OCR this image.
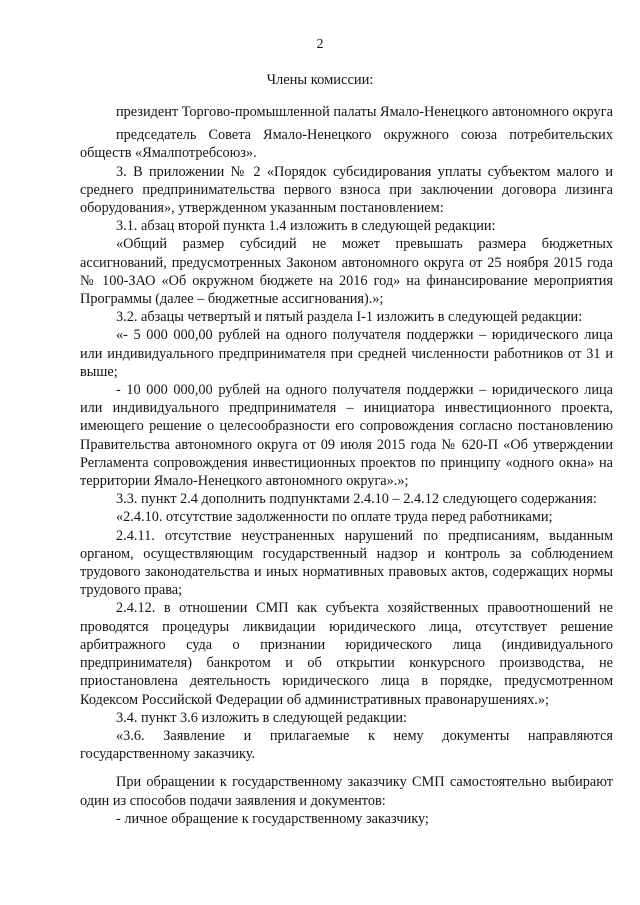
2
Члены комиссии:

президент Торгово-промышленной палаты Ямало-Ненецкого автономного округа

председатель Совета Ямало-Ненецкого окружного союза потребительских обществ «Ямалпотребсоюз».

3. В приложении № 2 «Порядок субсидирования уплаты субъектом малого и среднего предпринимательства первого взноса при заключении договора лизинга оборудования», утвержденном указанным постановлением:

3.1. абзац второй пункта 1.4 изложить в следующей редакции:

«Общий размер субсидий не может превышать размера бюджетных ассигнований, предусмотренных Законом автономного округа от 25 ноября 2015 года № 100-ЗАО «Об окружном бюджете на 2016 год» на финансирование мероприятия Программы (далее – бюджетные ассигнования).»;

3.2. абзацы четвертый и пятый раздела I-1 изложить в следующей редакции:

«- 5 000 000,00 рублей на одного получателя поддержки – юридического лица или индивидуального предпринимателя при средней численности работников от 31 и выше;

- 10 000 000,00 рублей на одного получателя поддержки – юридического лица или индивидуального предпринимателя – инициатора инвестиционного проекта, имеющего решение о целесообразности его сопровождения согласно постановлению Правительства автономного округа от 09 июля 2015 года № 620-П «Об утверждении Регламента сопровождения инвестиционных проектов по принципу «одного окна» на территории Ямало-Ненецкого автономного округа».»;

3.3. пункт 2.4 дополнить подпунктами 2.4.10 – 2.4.12 следующего содержания:

«2.4.10. отсутствие задолженности по оплате труда перед работниками;

2.4.11. отсутствие неустраненных нарушений по предписаниям, выданным органом, осуществляющим государственный надзор и контроль за соблюдением трудового законодательства и иных нормативных правовых актов, содержащих нормы трудового права;

2.4.12. в отношении СМП как субъекта хозяйственных правоотношений не проводятся процедуры ликвидации юридического лица, отсутствует решение арбитражного суда о признании юридического лица (индивидуального предпринимателя) банкротом и об открытии конкурсного производства, не приостановлена деятельность юридического лица в порядке, предусмотренном Кодексом Российской Федерации об административных правонарушениях.»;

3.4. пункт 3.6 изложить в следующей редакции:

«3.6. Заявление и прилагаемые к нему документы направляются государственному заказчику.

При обращении к государственному заказчику СМП самостоятельно выбирают один из способов подачи заявления и документов:

- личное обращение к государственному заказчику;
